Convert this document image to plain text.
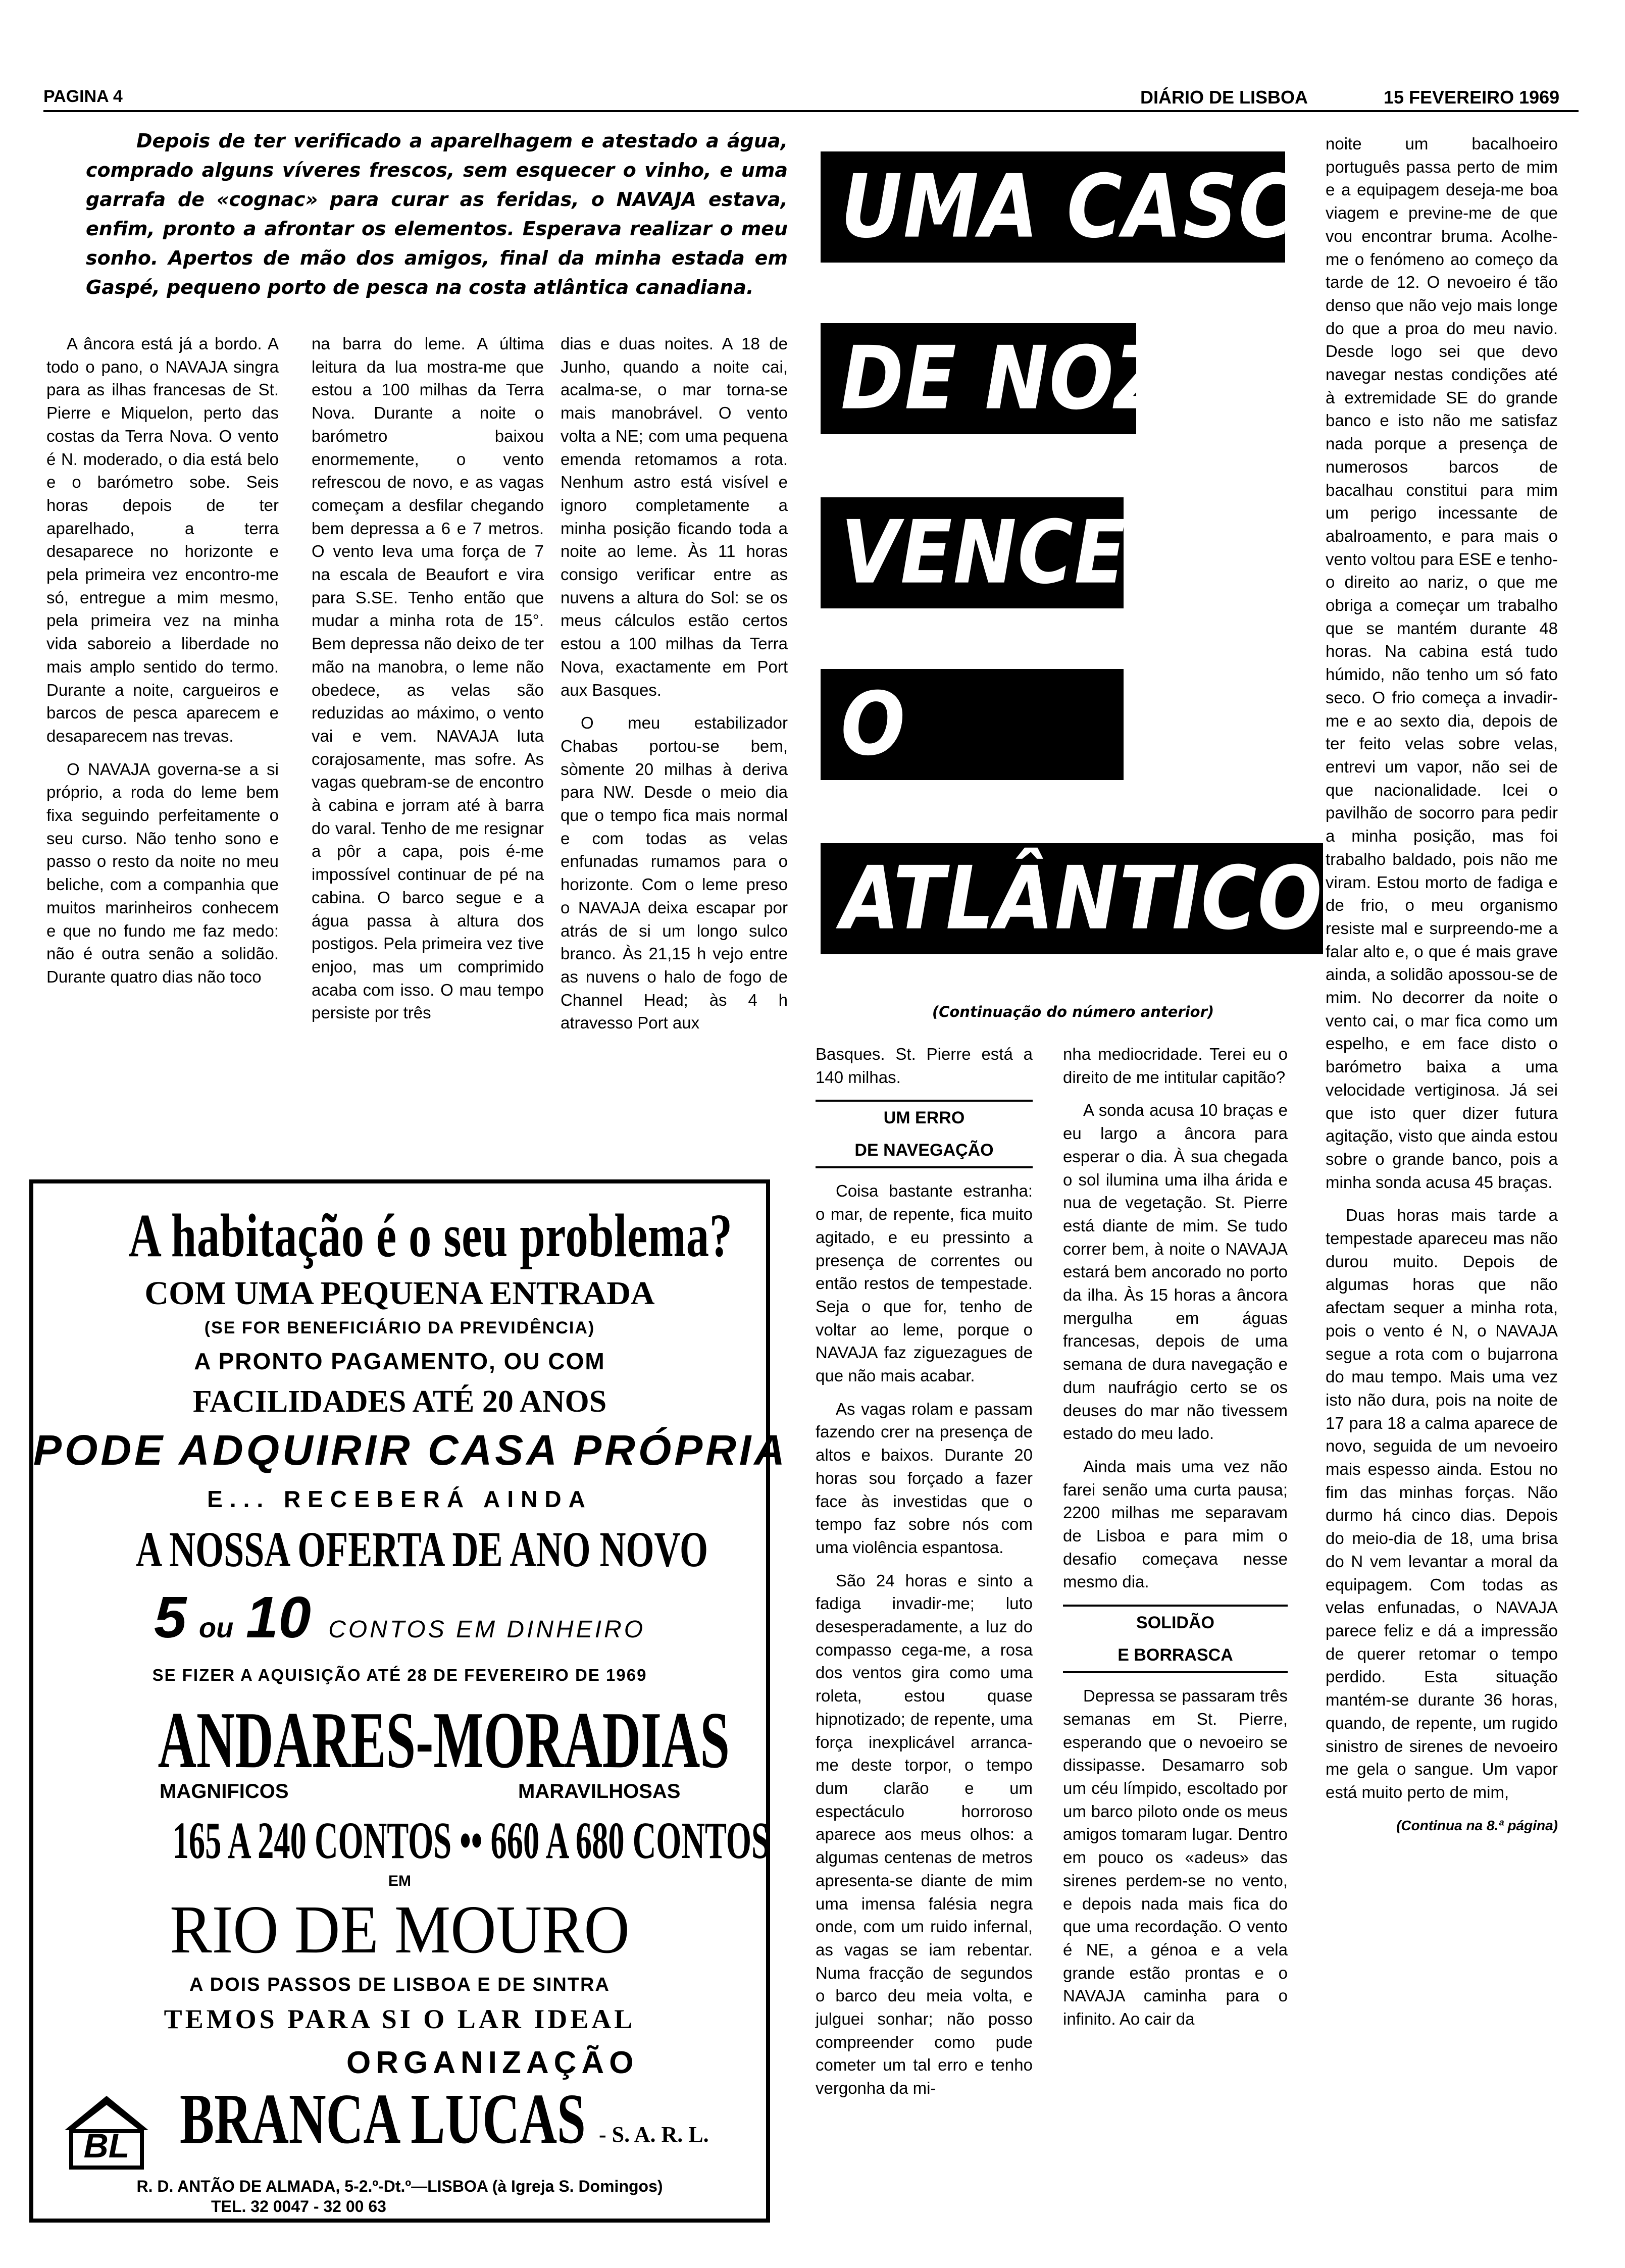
PAGINA 4	DIÁRIO DE LISBOA	15 FEVEREIRO 1969
Depois de ter verificado a aparelhagem e atestado a água, comprado alguns víveres frescos, sem esquecer o vinho, e uma garrafa de «cognac» para curar as feridas, o NAVAJA estava, enfim, pronto a afrontar os elementos. Esperava realizar o meu sonho. Apertos de mão dos amigos, final da minha estada em Gaspé, pequeno porto de pesca na costa atlântica canadiana.

A âncora está já a bordo. A todo o pano, o NAVAJA singra para as ilhas francesas de St. Pierre e Miquelon, perto das costas da Terra Nova. O vento é N. moderado, o dia está belo e o barómetro sobe. Seis horas depois de ter aparelhado, a terra desaparece no horizonte e pela primeira vez encontro-me só, entregue a mim mesmo, pela primeira vez na minha vida saboreio a liberdade no mais amplo sentido do termo. Durante a noite, cargueiros e barcos de pesca aparecem e desaparecem nas trevas.

O NAVAJA governa-se a si próprio, a roda do leme bem fixa seguindo perfeitamente o seu curso. Não tenho sono e passo o resto da noite no meu beliche, com a companhia que muitos marinheiros conhecem e que no fundo me faz medo: não é outra senão a solidão. Durante quatro dias não toco

na barra do leme. A última leitura da lua mostra-me que estou a 100 milhas da Terra Nova. Durante a noite o barómetro baixou enormemente, o vento refrescou de novo, e as vagas começam a desfilar chegando bem depressa a 6 e 7 metros. O vento leva uma força de 7 na escala de Beaufort e vira para S.SE. Tenho então que mudar a minha rota de 15°. Bem depressa não deixo de ter mão na manobra, o leme não obedece, as velas são reduzidas ao máximo, o vento vai e vem. NAVAJA luta corajosamente, mas sofre. As vagas quebram-se de encontro à cabina e jorram até à barra do varal. Tenho de me resignar a pôr a capa, pois é-me impossível continuar de pé na cabina. O barco segue e a água passa à altura dos postigos. Pela primeira vez tive enjoo, mas um comprimido acaba com isso. O mau tempo persiste por três

dias e duas noites. A 18 de Junho, quando a noite cai, acalma-se, o mar torna-se mais manobrável. O vento volta a NE; com uma pequena emenda retomamos a rota. Nenhum astro está visível e ignoro completamente a minha posição ficando toda a noite ao leme. Às 11 horas consigo verificar entre as nuvens a altura do Sol: se os meus cálculos estão certos estou a 100 milhas da Terra Nova, exactamente em Port aux Basques.

O meu estabilizador Chabas portou-se bem, sòmente 20 milhas à deriva para NW. Desde o meio dia que o tempo fica mais normal e com todas as velas enfunadas rumamos para o horizonte. Com o leme preso o NAVAJA deixa escapar por atrás de si um longo sulco branco. Às 21,15 h vejo entre as nuvens o halo de fogo de Channel Head; às 4 h atravesso Port aux

UMA CASCA
DE NOZ
VENCE
O
ATLÂNTICO
(Continuação do número anterior)

Basques. St. Pierre está a 140 milhas.

UM ERRO
DE NAVEGAÇÃO

Coisa bastante estranha: o mar, de repente, fica muito agitado, e eu pressinto a presença de correntes ou então restos de tempestade. Seja o que for, tenho de voltar ao leme, porque o NAVAJA faz ziguezagues de que não mais acabar.

As vagas rolam e passam fazendo crer na presença de altos e baixos. Durante 20 horas sou forçado a fazer face às investidas que o tempo faz sobre nós com uma violência espantosa.

São 24 horas e sinto a fadiga invadir-me; luto desesperadamente, a luz do compasso cega-me, a rosa dos ventos gira como uma roleta, estou quase hipnotizado; de repente, uma força inexplicável arranca-me deste torpor, o tempo dum clarão e um espectáculo horroroso aparece aos meus olhos: a algumas centenas de metros apresenta-se diante de mim uma imensa falésia negra onde, com um ruido infernal, as vagas se iam rebentar. Numa fracção de segundos o barco deu meia volta, e julguei sonhar; não posso compreender como pude cometer um tal erro e tenho vergonha da mi-

nha mediocridade. Terei eu o direito de me intitular capitão?

A sonda acusa 10 braças e eu largo a âncora para esperar o dia. À sua chegada o sol ilumina uma ilha árida e nua de vegetação. St. Pierre está diante de mim. Se tudo correr bem, à noite o NAVAJA estará bem ancorado no porto da ilha. Às 15 horas a âncora mergulha em águas francesas, depois de uma semana de dura navegação e dum naufrágio certo se os deuses do mar não tivessem estado do meu lado.

Ainda mais uma vez não farei senão uma curta pausa; 2200 milhas me separavam de Lisboa e para mim o desafio começava nesse mesmo dia.

SOLIDÃO
E BORRASCA

Depressa se passaram três semanas em St. Pierre, esperando que o nevoeiro se dissipasse. Desamarro sob um céu límpido, escoltado por um barco piloto onde os meus amigos tomaram lugar. Dentro em pouco os «adeus» das sirenes perdem-se no vento, e depois nada mais fica do que uma recordação. O vento é NE, a génoa e a vela grande estão prontas e o NAVAJA caminha para o infinito. Ao cair da

noite um bacalhoeiro português passa perto de mim e a equipagem deseja-me boa viagem e previne-me de que vou encontrar bruma. Acolhe-me o fenómeno ao começo da tarde de 12. O nevoeiro é tão denso que não vejo mais longe do que a proa do meu navio. Desde logo sei que devo navegar nestas condições até à extremidade SE do grande banco e isto não me satisfaz nada porque a presença de numerosos barcos de bacalhau constitui para mim um perigo incessante de abalroamento, e para mais o vento voltou para ESE e tenho-o direito ao nariz, o que me obriga a começar um trabalho que se mantém durante 48 horas. Na cabina está tudo húmido, não tenho um só fato seco. O frio começa a invadir-me e ao sexto dia, depois de ter feito velas sobre velas, entrevi um vapor, não sei de que nacionalidade. Icei o pavilhão de socorro para pedir a minha posição, mas foi trabalho baldado, pois não me viram. Estou morto de fadiga e de frio, o meu organismo resiste mal e surpreendo-me a falar alto e, o que é mais grave ainda, a solidão apossou-se de mim. No decorrer da noite o vento cai, o mar fica como um espelho, e em face disto o barómetro baixa a uma velocidade vertiginosa. Já sei que isto quer dizer futura agitação, visto que ainda estou sobre o grande banco, pois a minha sonda acusa 45 braças.

Duas horas mais tarde a tempestade apareceu mas não durou muito. Depois de algumas horas que não afectam sequer a minha rota, pois o vento é N, o NAVAJA segue a rota com o bujarrona do mau tempo. Mais uma vez isto não dura, pois na noite de 17 para 18 a calma aparece de novo, seguida de um nevoeiro mais espesso ainda. Estou no fim das minhas forças. Não durmo há cinco dias. Depois do meio-dia de 18, uma brisa do N vem levantar a moral da equipagem. Com todas as velas enfunadas, o NAVAJA parece feliz e dá a impressão de querer retomar o tempo perdido. Esta situação mantém-se durante 36 horas, quando, de repente, um rugido sinistro de sirenes de nevoeiro me gela o sangue. Um vapor está muito perto de mim,

(Continua na 8.ª página)

A habitação é o seu problema?
COM UMA PEQUENA ENTRADA
(SE FOR BENEFICIÁRIO DA PREVIDÊNCIA)
A PRONTO PAGAMENTO, OU COM
FACILIDADES ATÉ 20 ANOS
PODE ADQUIRIR CASA PRÓPRIA
E... RECEBERÁ AINDA
A NOSSA OFERTA DE ANO NOVO
5 ou 10 CONTOS EM DINHEIRO
SE FIZER A AQUISIÇÃO ATÉ 28 DE FEVEREIRO DE 1969
ANDARES-MORADIAS
MAGNIFICOS	MARAVILHOSAS
165 A 240 CONTOS •• 660 A 680 CONTOS
EM
RIO DE MOURO
A DOIS PASSOS DE LISBOA E DE SINTRA
TEMOS PARA SI O LAR IDEAL
ORGANIZAÇÃO
BL BRANCA LUCAS - S. A. R. L.
R. D. ANTÃO DE ALMADA, 5-2.º-Dt.º—LISBOA (à Igreja S. Domingos)
TEL. 32 0047 - 32 00 63
